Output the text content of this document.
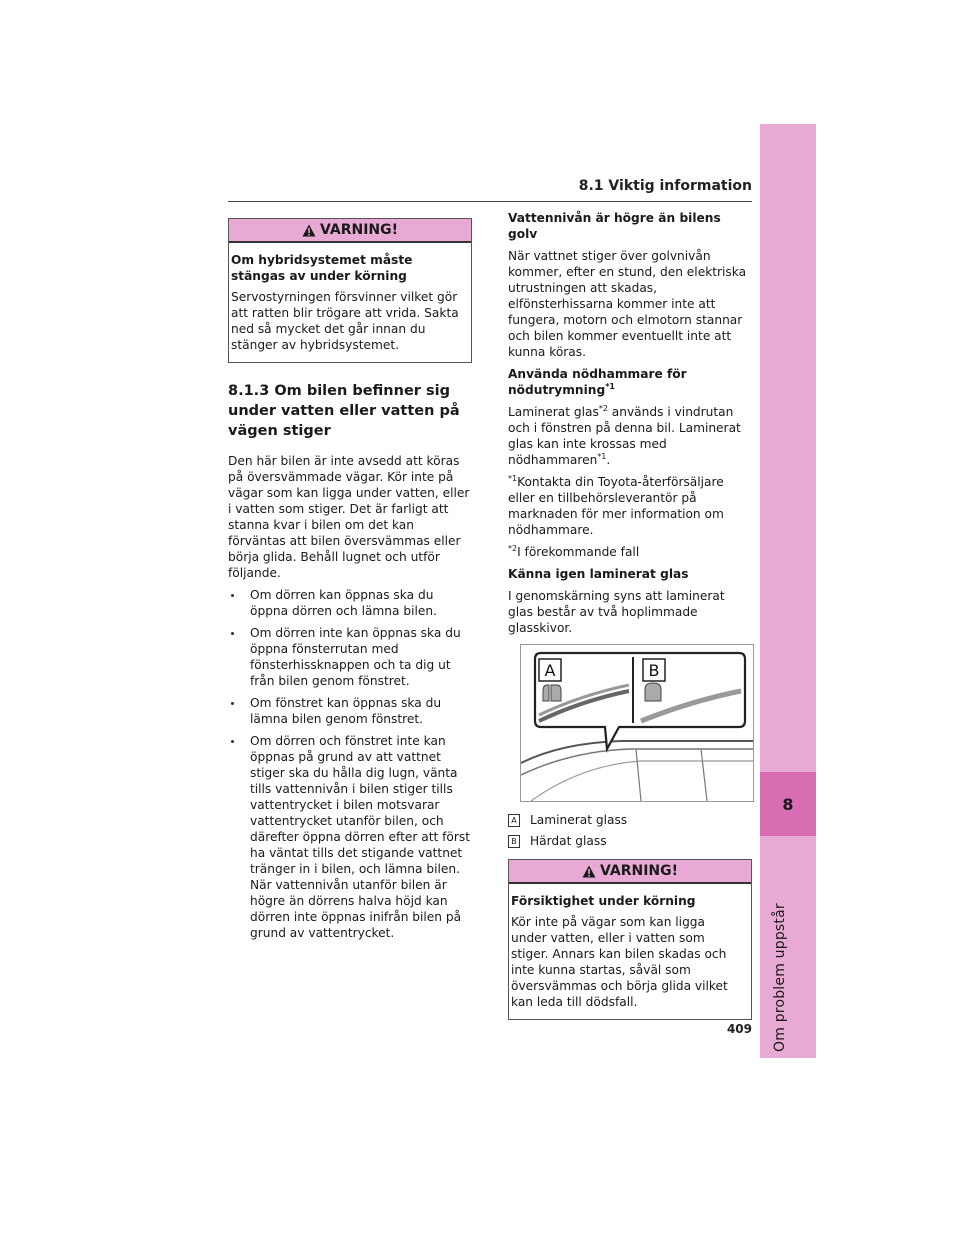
8.1 Viktig information
8
Om problem uppstår
409
VARNING!

Om hybridsystemet måste stängas av under körning

Servostyrningen försvinner vilket gör att ratten blir trögare att vrida. Sakta ned så mycket det går innan du stänger av hybridsystemet.

8.1.3 Om bilen befinner sig under vatten eller vatten på vägen stiger

Den här bilen är inte avsedd att köras på översvämmade vägar. Kör inte på vägar som kan ligga under vatten, eller i vatten som stiger. Det är farligt att stanna kvar i bilen om det kan förväntas att bilen översvämmas eller börja glida. Behåll lugnet och utför följande.

Om dörren kan öppnas ska du öppna dörren och lämna bilen.
Om dörren inte kan öppnas ska du öppna fönsterrutan med fönsterhissknappen och ta dig ut från bilen genom fönstret.
Om fönstret kan öppnas ska du lämna bilen genom fönstret.
Om dörren och fönstret inte kan öppnas på grund av att vattnet stiger ska du hålla dig lugn, vänta tills vattennivån i bilen stiger tills vattentrycket i bilen motsvarar vattentrycket utanför bilen, och därefter öppna dörren efter att först ha väntat tills det stigande vattnet tränger in i bilen, och lämna bilen. När vattennivån utanför bilen är högre än dörrens halva höjd kan dörren inte öppnas inifrån bilen på grund av vattentrycket.

Vattennivån är högre än bilens golv

När vattnet stiger över golvnivån kommer, efter en stund, den elektriska utrustningen att skadas, elfönsterhissarna kommer inte att fungera, motorn och elmotorn stannar och bilen kommer eventuellt inte att kunna köras.

Använda nödhammare för nödutrymning$^{*1}$

Laminerat glas$^{*2}$ används i vindrutan och i fönstren på denna bil. Laminerat glas kan inte krossas med nödhammaren$^{*1}$.

$^{*1}$Kontakta din Toyota-återförsäljare eller en tillbehörsleverantör på marknaden för mer information om nödhammare.

$^{*2}$I förekommande fall

Känna igen laminerat glas

I genomskärning syns att laminerat glas består av två hoplimmade glasskivor.

A	B
A Laminerat glass
B Härdat glass
VARNING!

Försiktighet under körning

Kör inte på vägar som kan ligga under vatten, eller i vatten som stiger. Annars kan bilen skadas och inte kunna startas, såväl som översvämmas och börja glida vilket kan leda till dödsfall.
